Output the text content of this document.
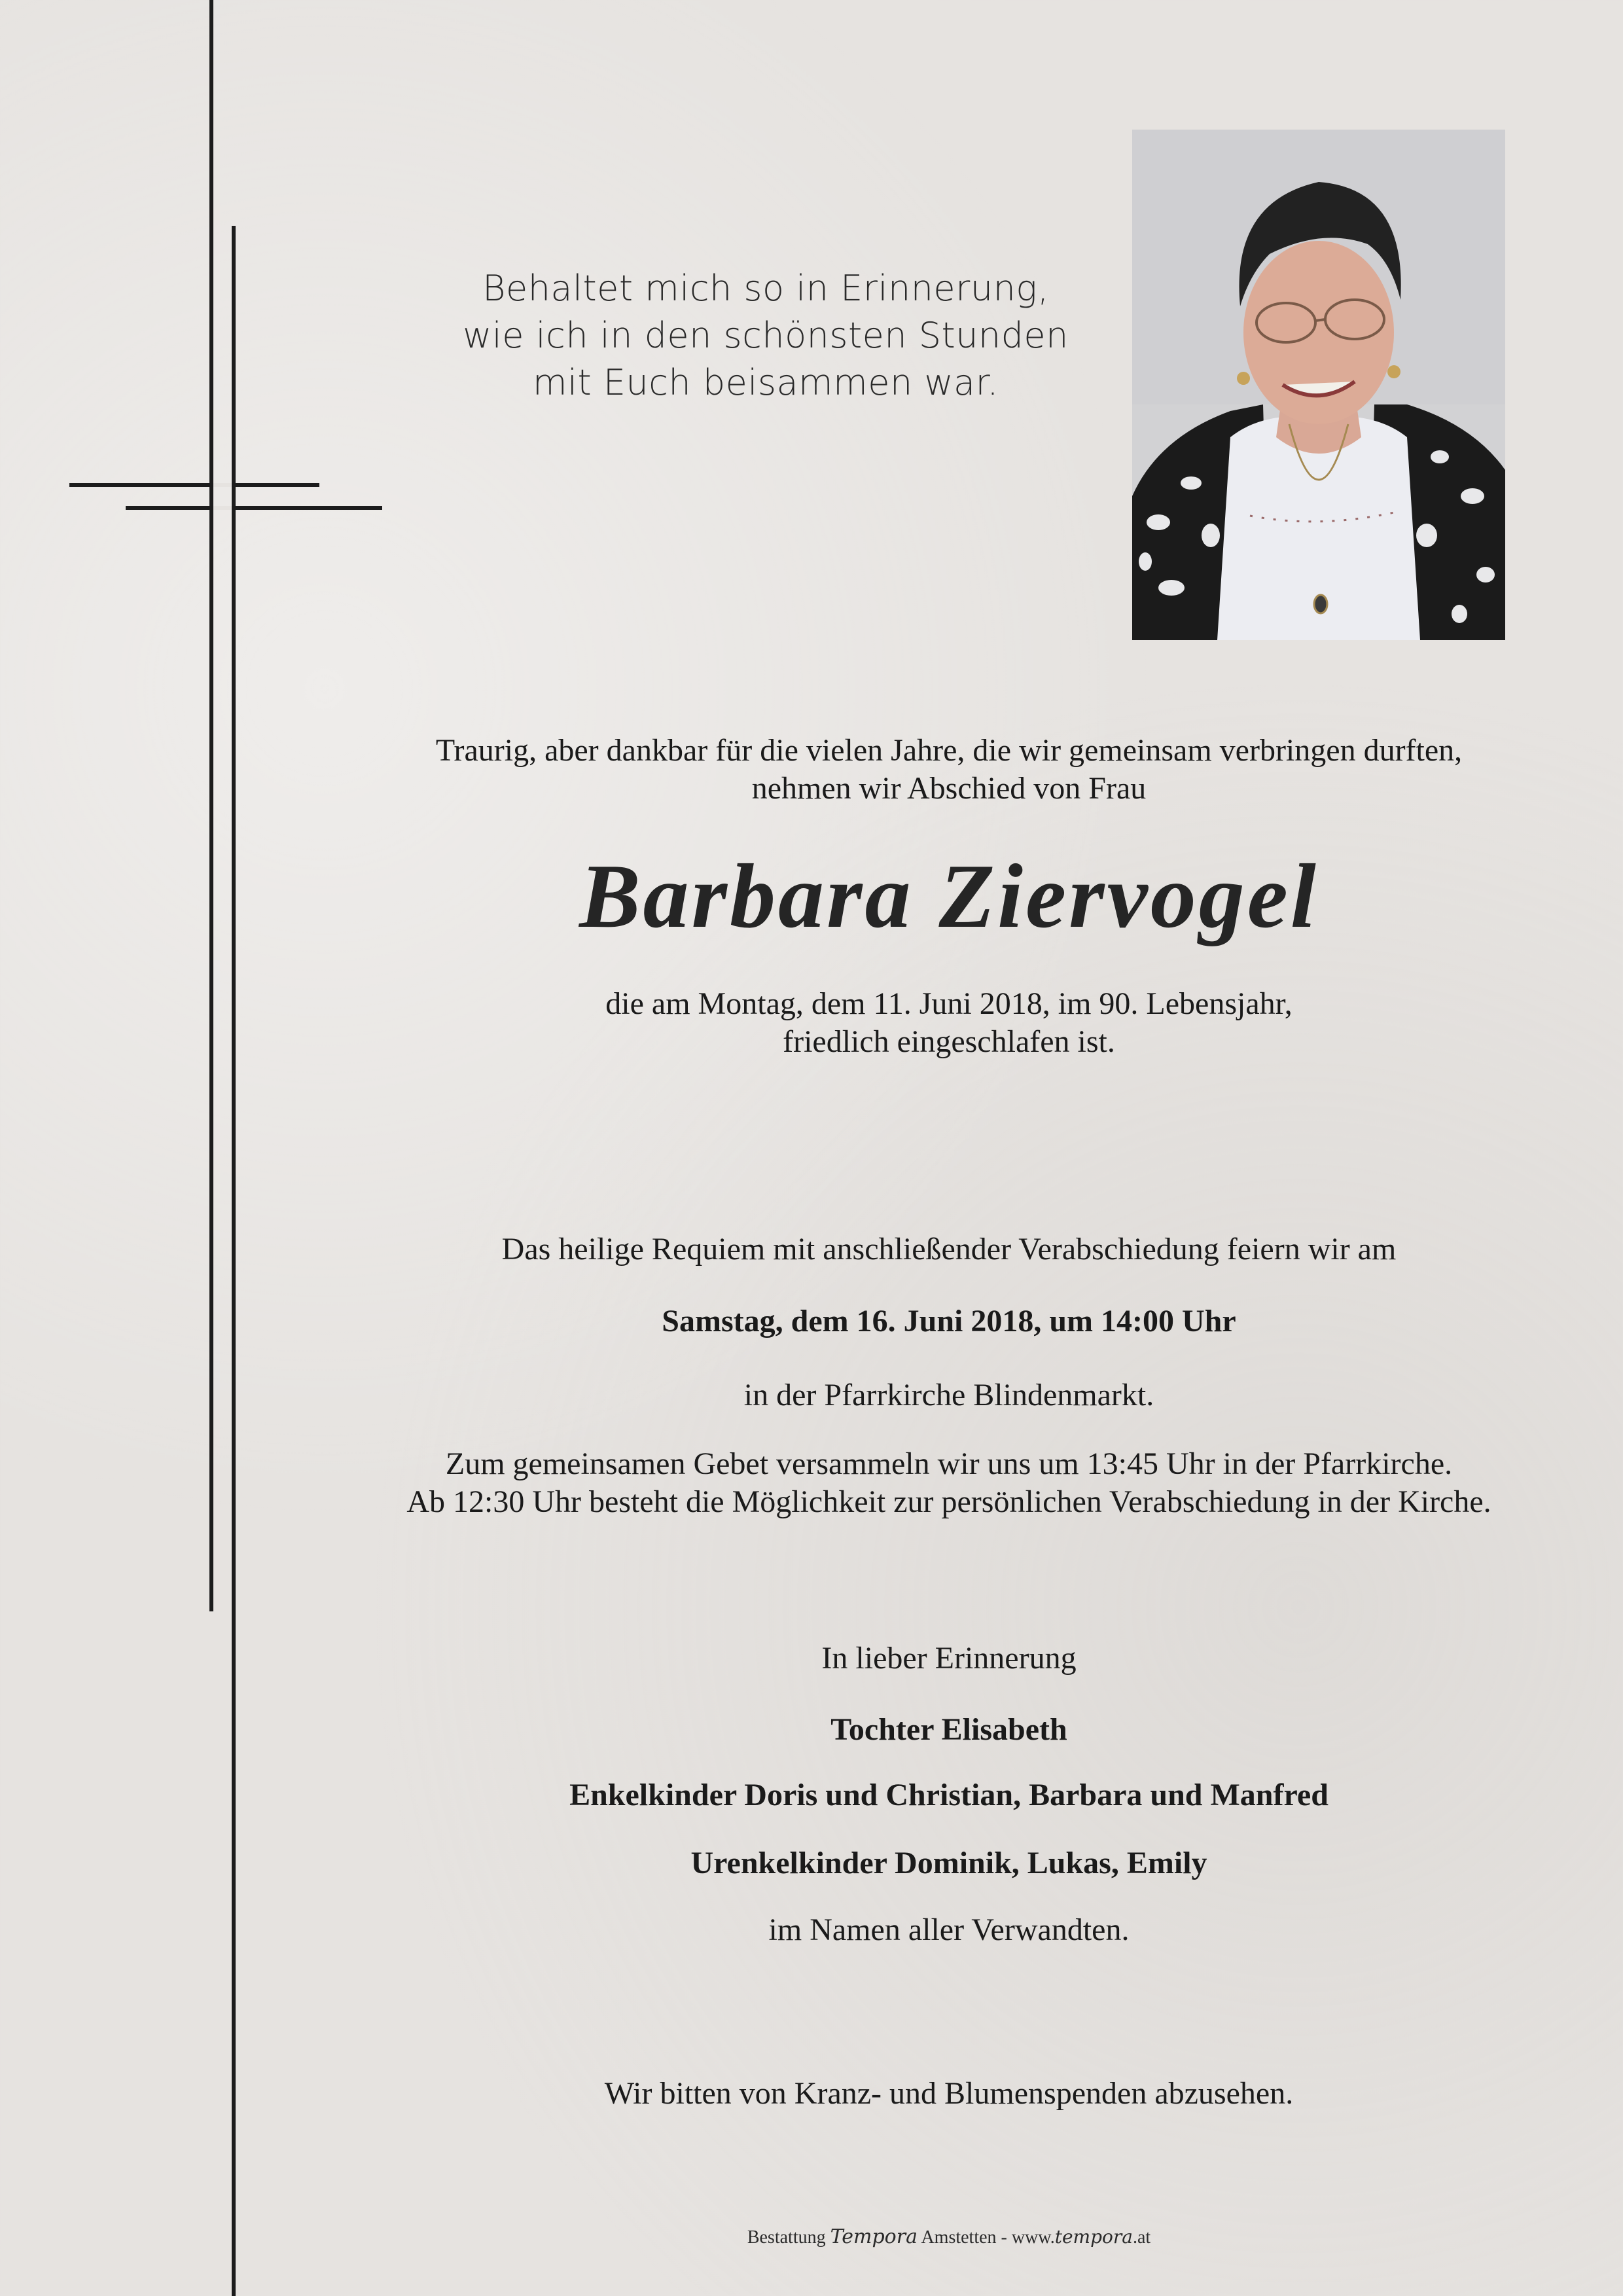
Behaltet mich so in Erinnerung,
wie ich in den schönsten Stunden
mit Euch beisammen war.
Traurig, aber dankbar für die vielen Jahre, die wir gemeinsam verbringen durften,
nehmen wir Abschied von Frau
Barbara Ziervogel
die am Montag, dem 11. Juni 2018, im 90. Lebensjahr,
friedlich eingeschlafen ist.
Das heilige Requiem mit anschließender Verabschiedung feiern wir am
Samstag, dem 16. Juni 2018, um 14:00 Uhr
in der Pfarrkirche Blindenmarkt.
Zum gemeinsamen Gebet versammeln wir uns um 13:45 Uhr in der Pfarrkirche.
Ab 12:30 Uhr besteht die Möglichkeit zur persönlichen Verabschiedung in der Kirche.
In lieber Erinnerung
Tochter Elisabeth
Enkelkinder Doris und Christian, Barbara und Manfred
Urenkelkinder Dominik, Lukas, Emily
im Namen aller Verwandten.
Wir bitten von Kranz- und Blumenspenden abzusehen.
Bestattung Tempora Amstetten - www.tempora.at
